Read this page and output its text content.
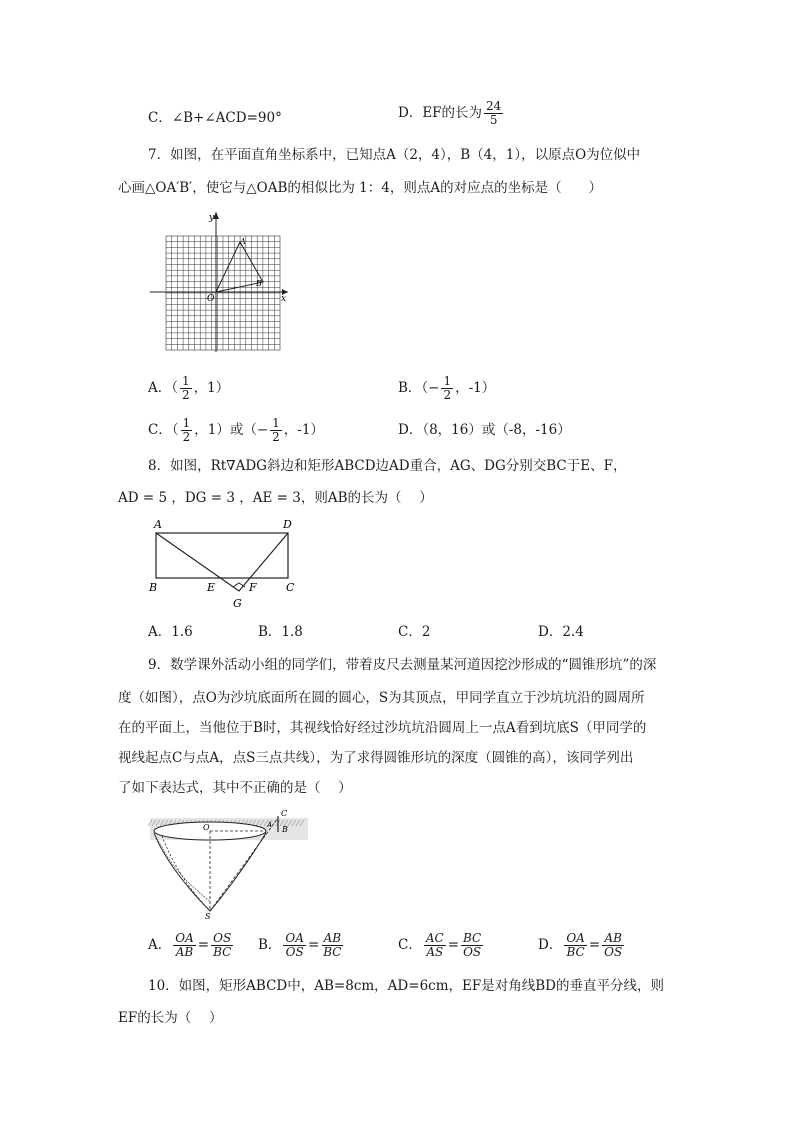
C．∠B+∠ACD=90°	D．EF的长为 $\frac{24}{5}$
7．如图，在平面直角坐标系中，已知点A（2，4），B（4，1），以原点O为位似中
心画△OA′B′，使它与△OAB的相似比为 1：4，则点A的对应点的坐标是（　　）
y
x
O
A
B
A．（ $\frac{1}{2}$ ，1）	B．（− $\frac{1}{2}$ ，-1）
C．（ $\frac{1}{2}$ ，1）或（− $\frac{1}{2}$ ，-1）	D．（8，16）或（-8，-16）
8．如图，Rt∇ADG斜边和矩形ABCD边AD重合，AG、DG分别交BC于E、F，
AD = 5 ，DG = 3 ，AE = 3，则AB的长为（　 ）
A	D
B	E	F	C
G
A．1.6	B．1.8	C．2	D．2.4
9．数学课外活动小组的同学们，带着皮尺去测量某河道因挖沙形成的“圆锥形坑”的深
度（如图），点O为沙坑底面所在圆的圆心，S为其顶点，甲同学直立于沙坑坑沿的圆周所
在的平面上，当他位于B时，其视线恰好经过沙坑坑沿圆周上一点A看到坑底S（甲同学的
视线起点C与点A，点S三点共线），为了求得圆锥形坑的深度（圆锥的高），该同学列出
了如下表达式，其中不正确的是（　 ）
O	A B
C
S
A． $\frac{OA}{AB} = \frac{OS}{BC}$ B． $\frac{OA}{OS} = \frac{AB}{BC}$	C． $\frac{AC}{AS} = \frac{BC}{OS}$	D． $\frac{OA}{BC} = \frac{AB}{OS}$
10．如图，矩形ABCD中，AB=8cm，AD=6cm，EF是对角线BD的垂直平分线，则
EF的长为（　 ）
